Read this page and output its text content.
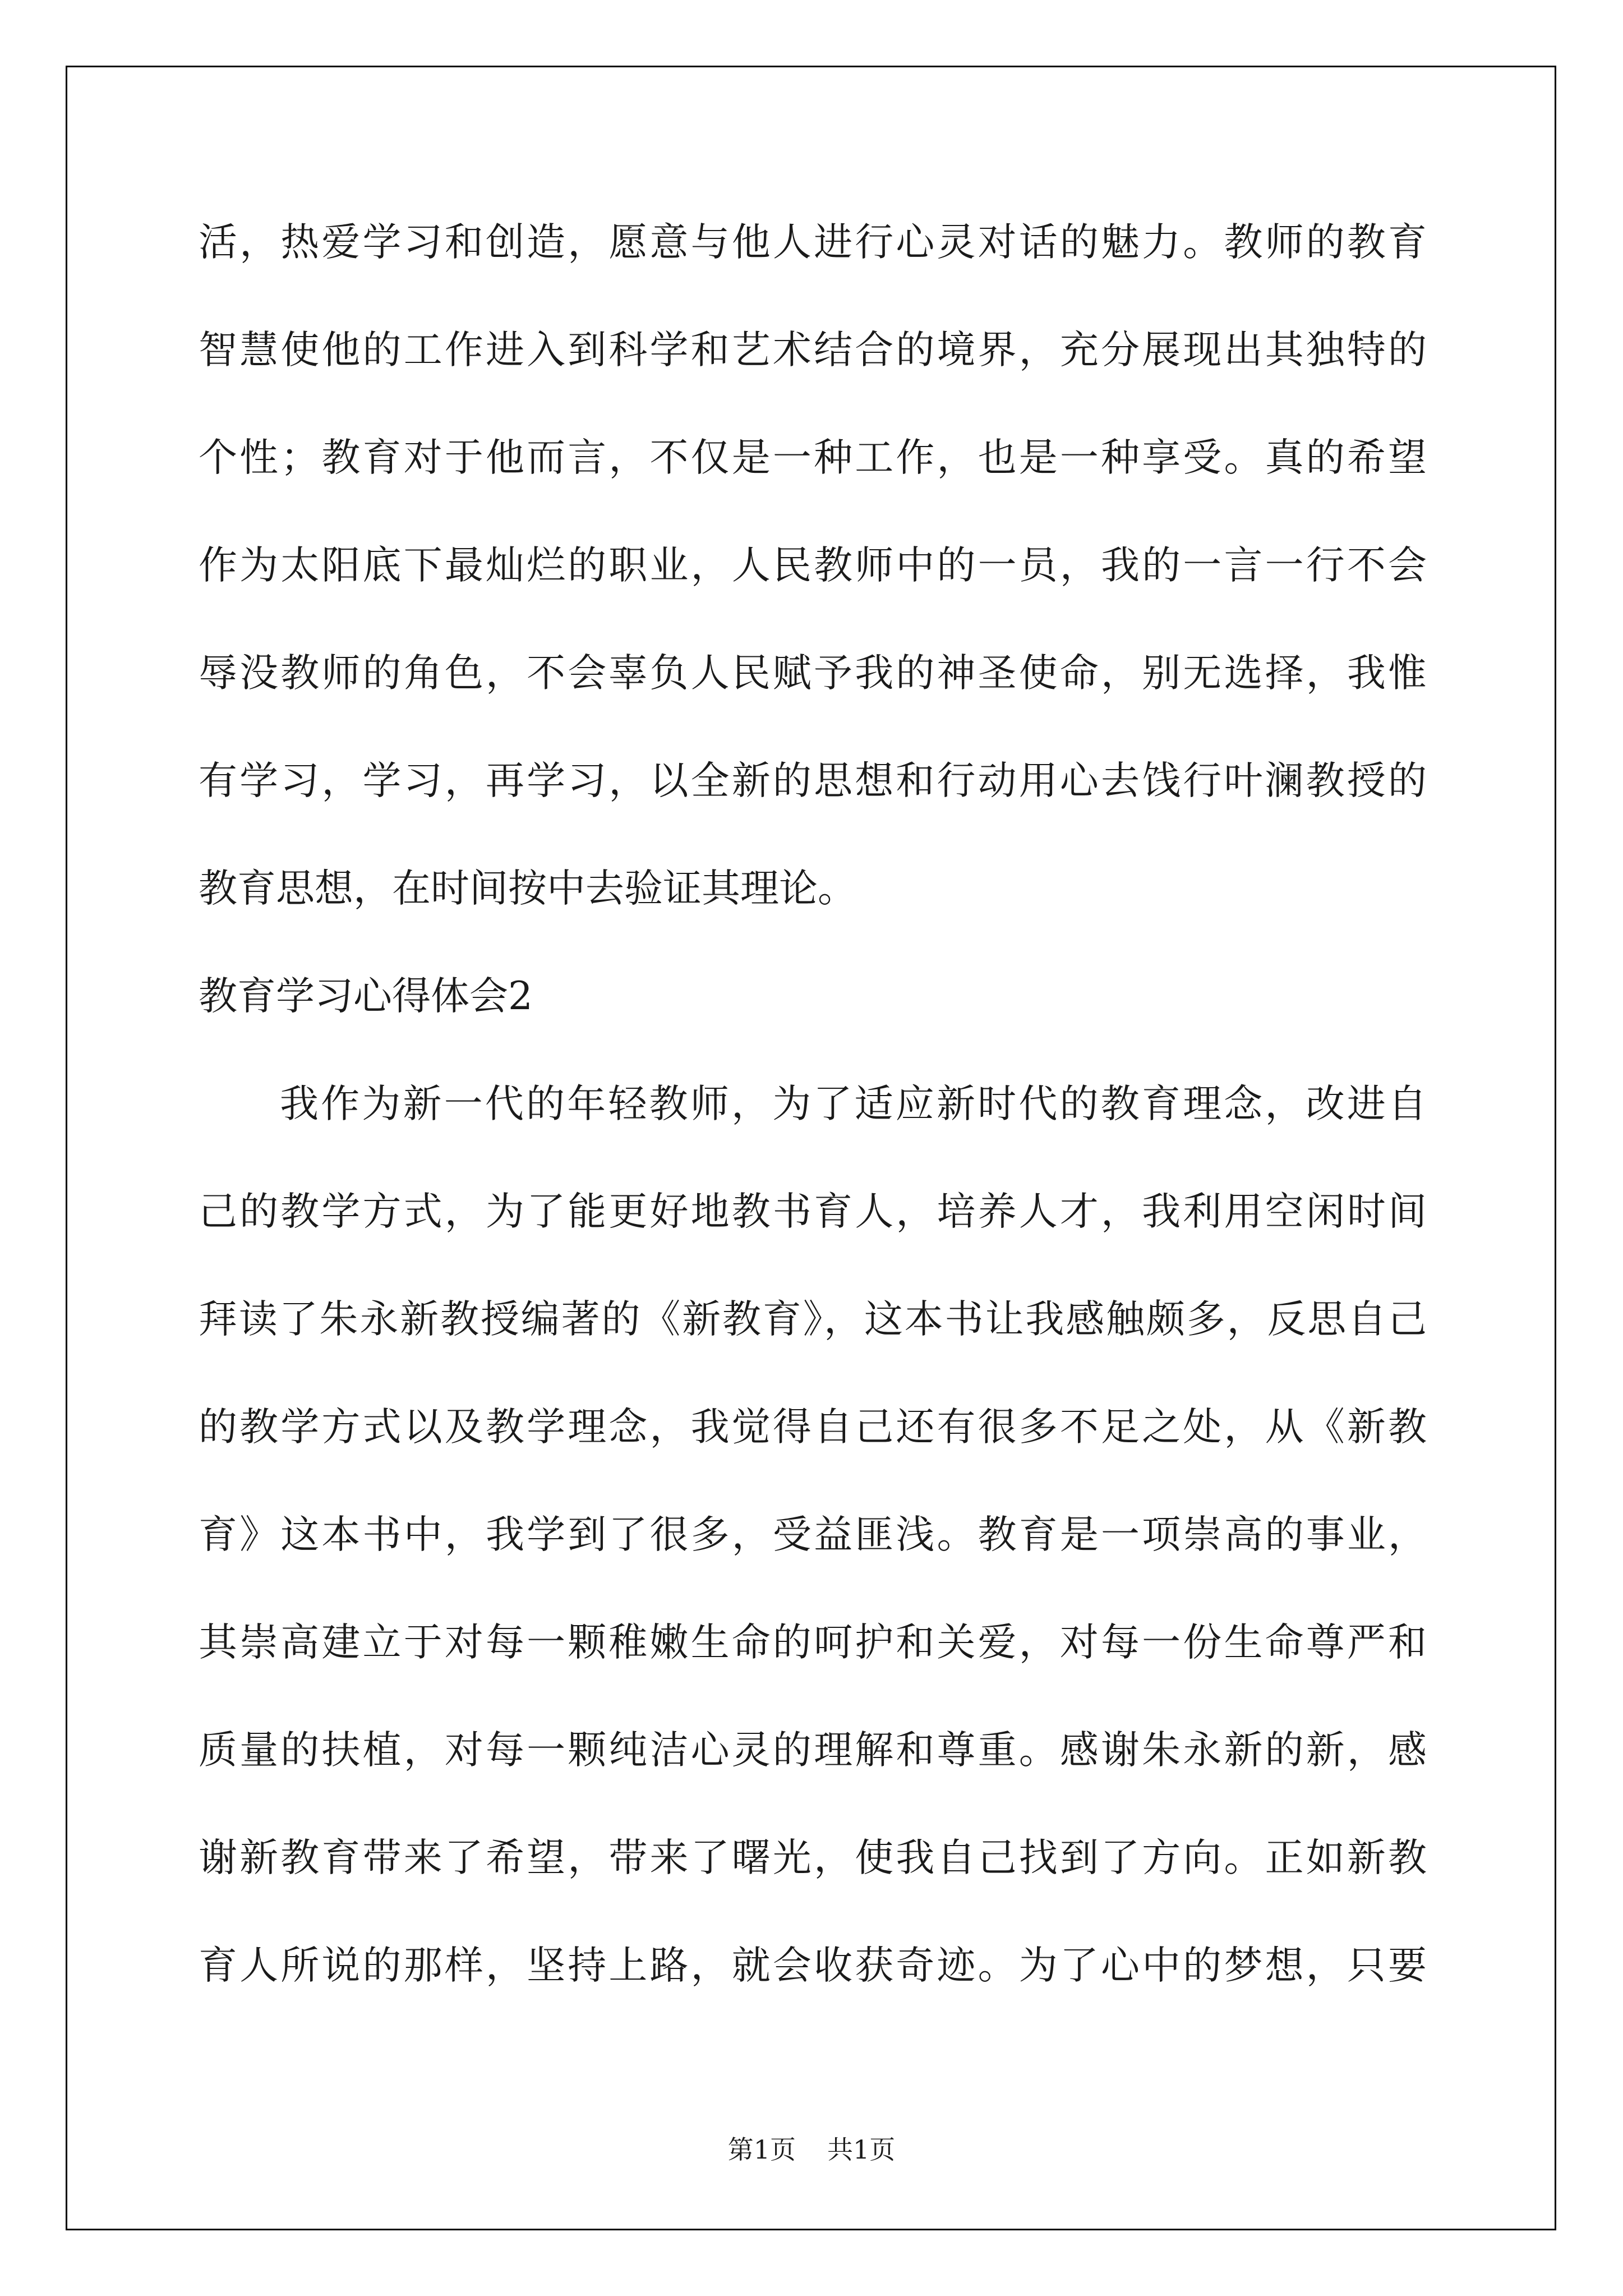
活，热爱学习和创造，愿意与他人进行心灵对话的魅力。教师的教育
智慧使他的工作进入到科学和艺术结合的境界，充分展现出其独特的
个性；教育对于他而言，不仅是一种工作，也是一种享受。真的希望
作为太阳底下最灿烂的职业，人民教师中的一员，我的一言一行不会
辱没教师的角色，不会辜负人民赋予我的神圣使命，别无选择，我惟
有学习，学习，再学习，以全新的思想和行动用心去饯行叶澜教授的
教育思想，在时间按中去验证其理论。
教育学习心得体会2
我作为新一代的年轻教师，为了适应新时代的教育理念，改进自
己的教学方式，为了能更好地教书育人，培养人才，我利用空闲时间
拜读了朱永新教授编著的《新教育》，这本书让我感触颇多，反思自己
的教学方式以及教学理念，我觉得自己还有很多不足之处，从《新教
育》这本书中，我学到了很多，受益匪浅。教育是一项崇高的事业，
其崇高建立于对每一颗稚嫩生命的呵护和关爱，对每一份生命尊严和
质量的扶植，对每一颗纯洁心灵的理解和尊重。感谢朱永新的新，感
谢新教育带来了希望，带来了曙光，使我自己找到了方向。正如新教
育人所说的那样，坚持上路，就会收获奇迹。为了心中的梦想，只要
第1页 共1页
